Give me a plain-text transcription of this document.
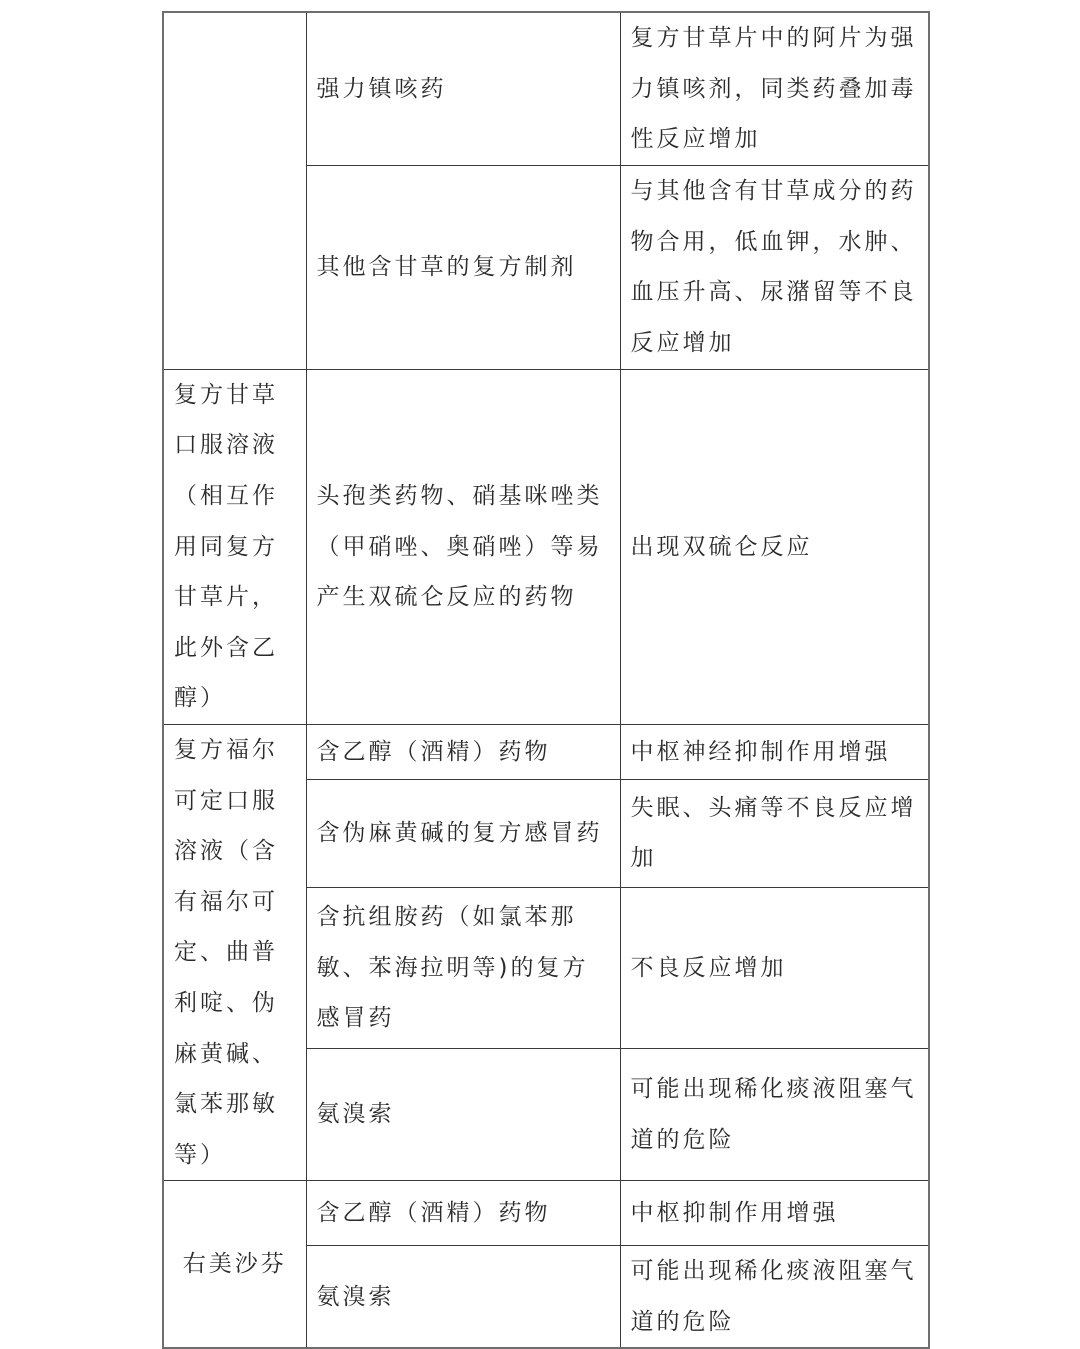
	强力镇咳药	复方甘草片中的阿片为强力镇咳剂，同类药叠加毒性反应增加

	其他含甘草的复方制剂	与其他含有甘草成分的药物合用，低血钾，水肿、血压升高、尿潴留等不良反应增加

复方甘草口服溶液（相互作用同复方甘草片，此外含乙醇）	头孢类药物、硝基咪唑类（甲硝唑、奥硝唑）等易产生双硫仑反应的药物	出现双硫仑反应

复方福尔可定口服溶液（含有福尔可定、曲普利啶、伪麻黄碱、氯苯那敏等）	含乙醇（酒精）药物	中枢神经抑制作用增强

	含伪麻黄碱的复方感冒药	失眠、头痛等不良反应增加

	含抗组胺药（如氯苯那敏、苯海拉明等)的复方感冒药	不良反应增加

	氨溴索	可能出现稀化痰液阻塞气道的危险

右美沙芬	含乙醇（酒精）药物	中枢抑制作用增强

	氨溴索	可能出现稀化痰液阻塞气道的危险
